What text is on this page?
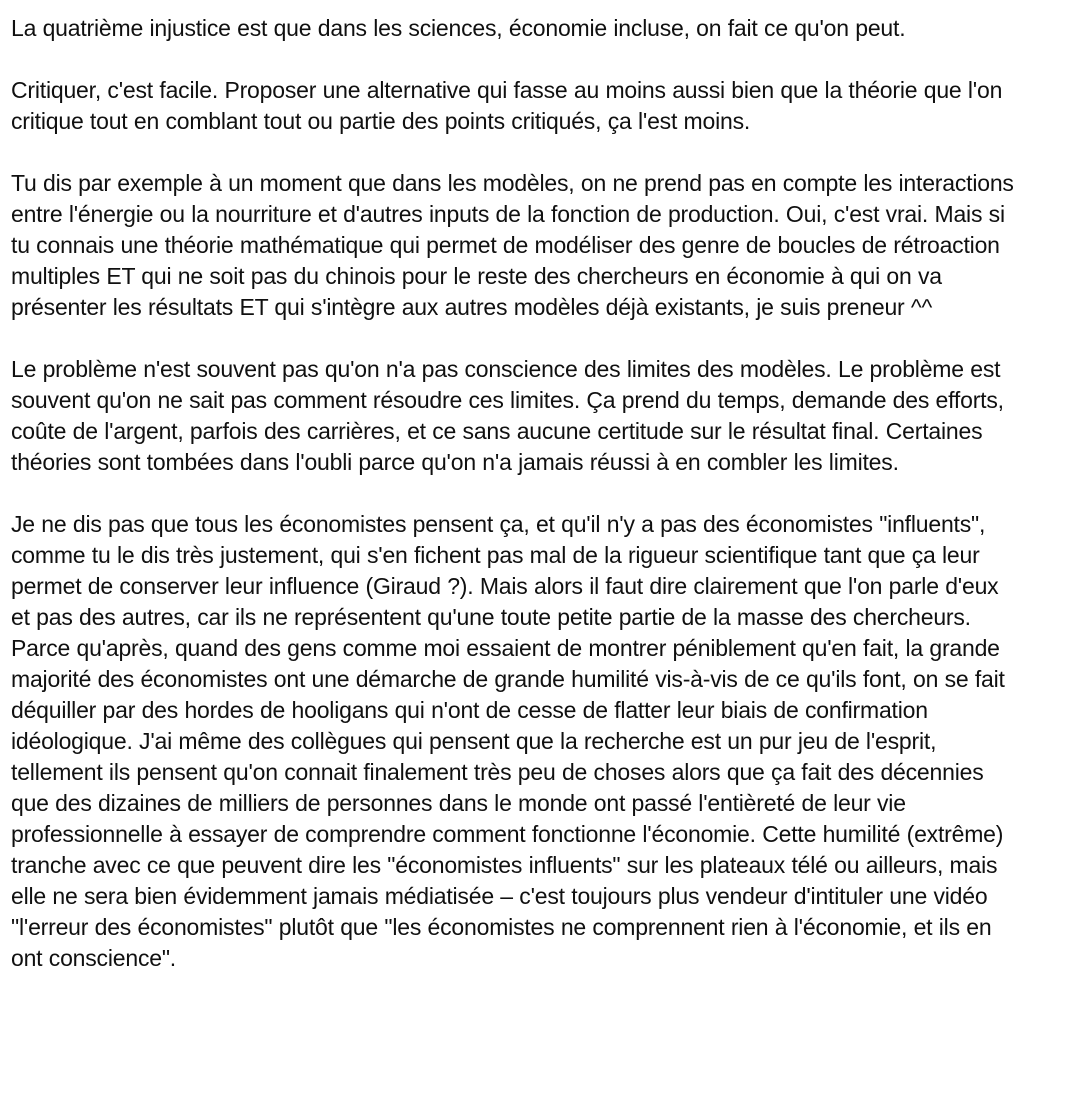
La quatrième injustice est que dans les sciences, économie incluse, on fait ce qu'on peut.

Critiquer, c'est facile. Proposer une alternative qui fasse au moins aussi bien que la théorie que l'on critique tout en comblant tout ou partie des points critiqués, ça l'est moins.

Tu dis par exemple à un moment que dans les modèles, on ne prend pas en compte les interactions entre l'énergie ou la nourriture et d'autres inputs de la fonction de production. Oui, c'est vrai. Mais si tu connais une théorie mathématique qui permet de modéliser des genre de boucles de rétroaction multiples ET qui ne soit pas du chinois pour le reste des chercheurs en économie à qui on va présenter les résultats ET qui s'intègre aux autres modèles déjà existants, je suis preneur ^^

Le problème n'est souvent pas qu'on n'a pas conscience des limites des modèles. Le problème est souvent qu'on ne sait pas comment résoudre ces limites. Ça prend du temps, demande des efforts, coûte de l'argent, parfois des carrières, et ce sans aucune certitude sur le résultat final. Certaines théories sont tombées dans l'oubli parce qu'on n'a jamais réussi à en combler les limites.

Je ne dis pas que tous les économistes pensent ça, et qu'il n'y a pas des économistes "influents", comme tu le dis très justement, qui s'en fichent pas mal de la rigueur scientifique tant que ça leur permet de conserver leur influence (Giraud ?). Mais alors il faut dire clairement que l'on parle d'eux et pas des autres, car ils ne représentent qu'une toute petite partie de la masse des chercheurs. Parce qu'après, quand des gens comme moi essaient de montrer péniblement qu'en fait, la grande majorité des économistes ont une démarche de grande humilité vis-à-vis de ce qu'ils font, on se fait déquiller par des hordes de hooligans qui n'ont de cesse de flatter leur biais de confirmation idéologique. J'ai même des collègues qui pensent que la recherche est un pur jeu de l'esprit, tellement ils pensent qu'on connait finalement très peu de choses alors que ça fait des décennies que des dizaines de milliers de personnes dans le monde ont passé l'entièreté de leur vie professionnelle à essayer de comprendre comment fonctionne l'économie. Cette humilité (extrême) tranche avec ce que peuvent dire les "économistes influents" sur les plateaux télé ou ailleurs, mais elle ne sera bien évidemment jamais médiatisée – c'est toujours plus vendeur d'intituler une vidéo "l'erreur des économistes" plutôt que "les économistes ne comprennent rien à l'économie, et ils en ont conscience".
